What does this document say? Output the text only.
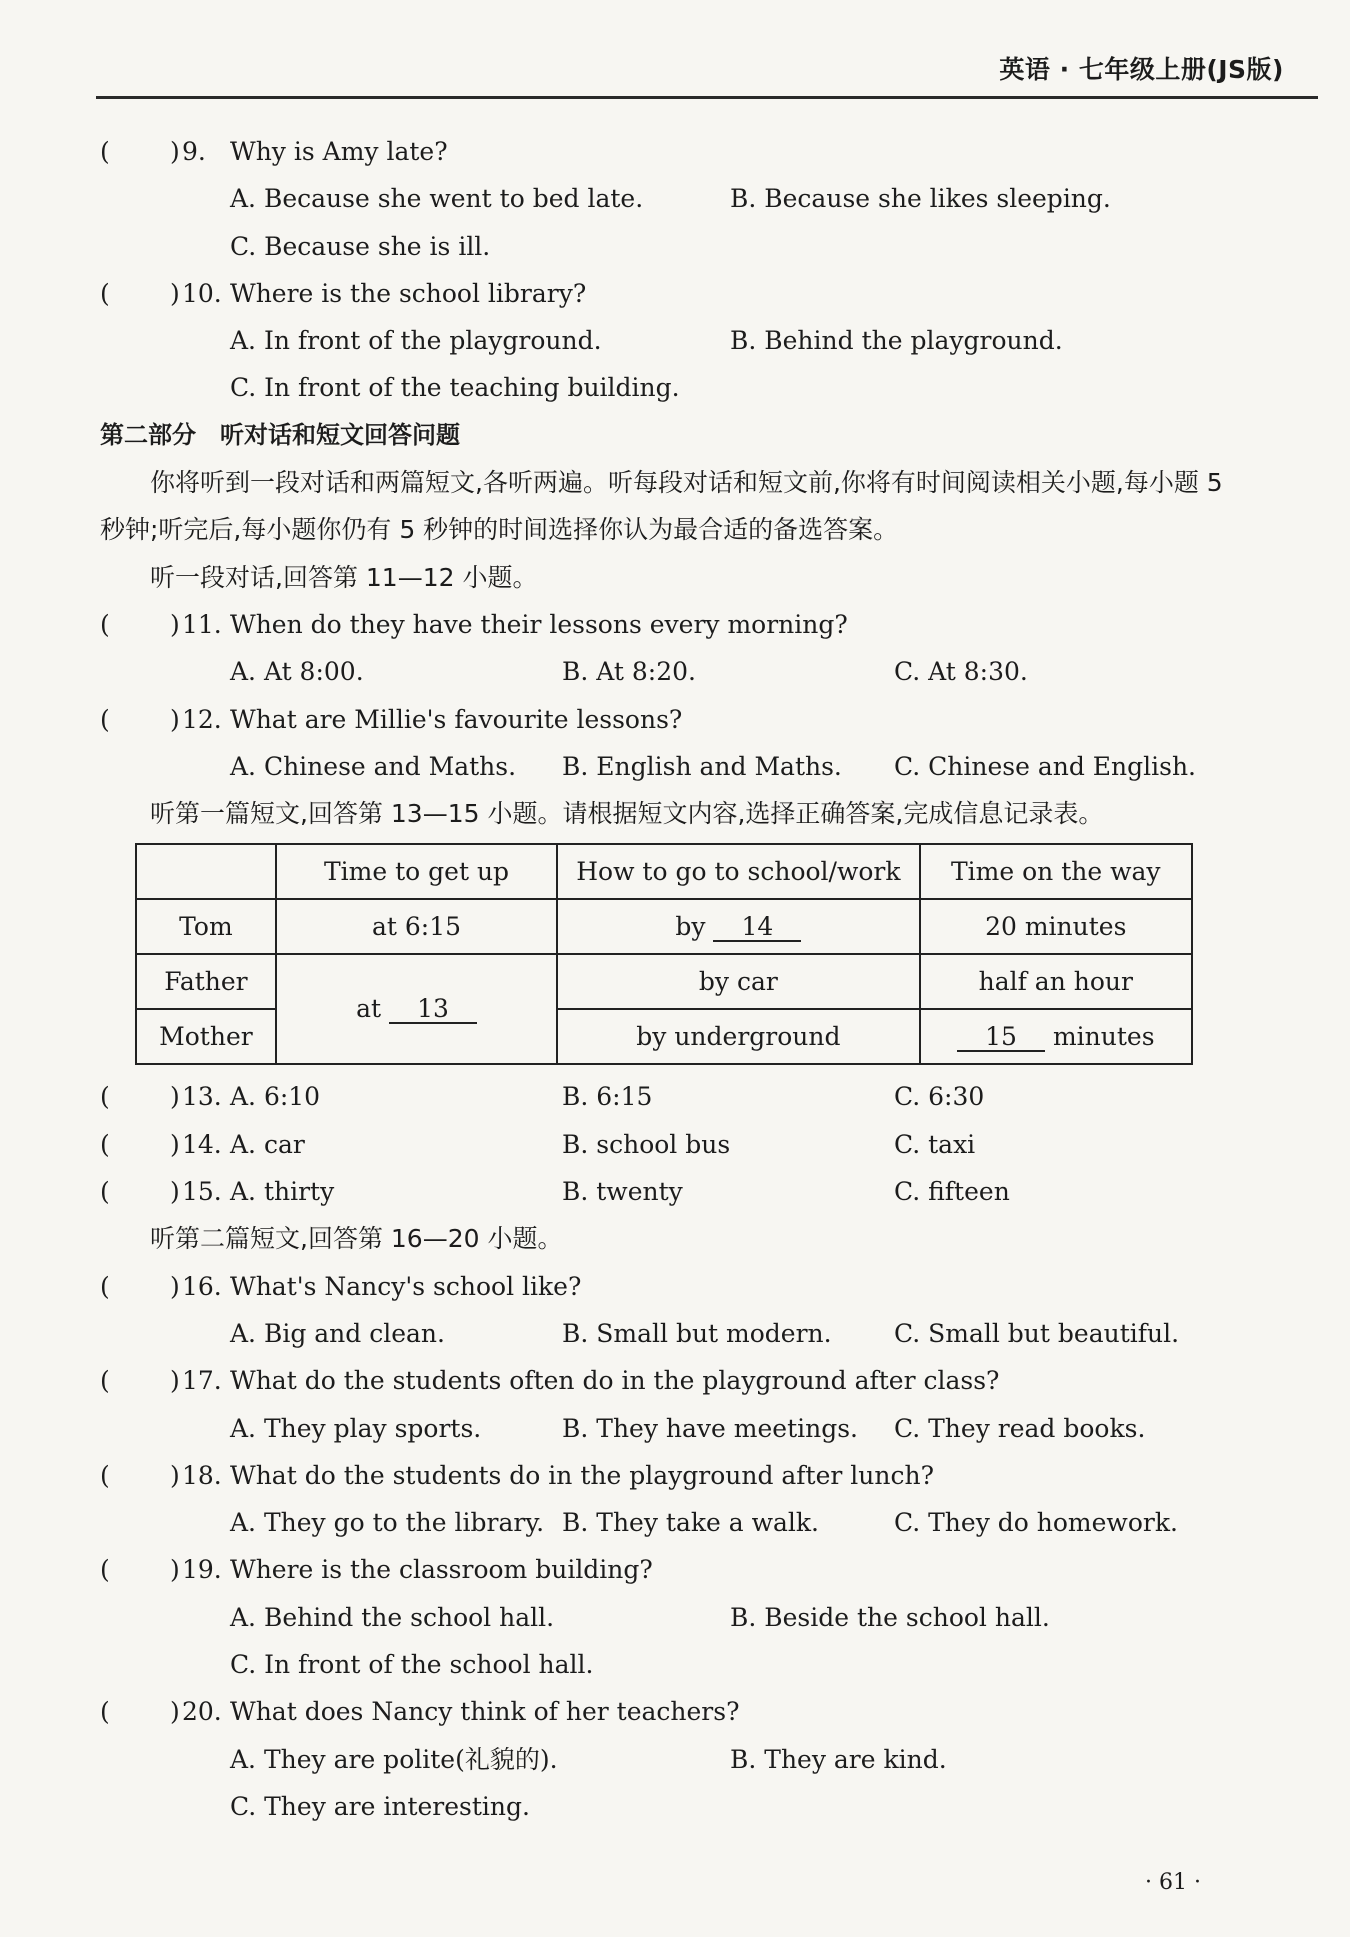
英语 · 七年级上册(JS版)
( ) 9. Why is Amy late?
A. Because she went to bed late.	B. Because she likes sleeping.
C. Because she is ill.
( ) 10. Where is the school library?
A. In front of the playground.	B. Behind the playground.
C. In front of the teaching building.
第二部分 听对话和短文回答问题
你将听到一段对话和两篇短文,各听两遍。听每段对话和短文前,你将有时间阅读相关小题,每小题 5 秒钟;听完后,每小题你仍有 5 秒钟的时间选择你认为最合适的备选答案。
听一段对话,回答第 11—12 小题。
( ) 11. When do they have their lessons every morning?
A. At 8:00.	B. At 8:20.	C. At 8:30.
( ) 12. What are Millie's favourite lessons?
A. Chinese and Maths. B. English and Maths. C. Chinese and English.
听第一篇短文,回答第 13—15 小题。请根据短文内容,选择正确答案,完成信息记录表。
( ) 13. A. 6:10	B. 6:15	C. 6:30
( ) 14. A. car	B. school bus	C. taxi
( ) 15. A. thirty	B. twenty	C. fifteen
听第二篇短文,回答第 16—20 小题。
( ) 16. What's Nancy's school like?
A. Big and clean.	B. Small but modern. C. Small but beautiful.
( ) 17. What do the students often do in the playground after class?
A. They play sports.	B. They have meetings. C. They read books.
( ) 18. What do the students do in the playground after lunch?
A. They go to the library. B. They take a walk.	C. They do homework.
( ) 19. Where is the classroom building?
A. Behind the school hall.	B. Beside the school hall.
C. In front of the school hall.
( ) 20. What does Nancy think of her teachers?
A. They are polite(礼貌的).	B. They are kind.
C. They are interesting.
	Time to get up	How to go to school/work	Time on the way
Tom	at 6:15	by 14	20 minutes
Father	at 13	by car	half an hour
Mother		by underground	15 minutes
· 61 ·
